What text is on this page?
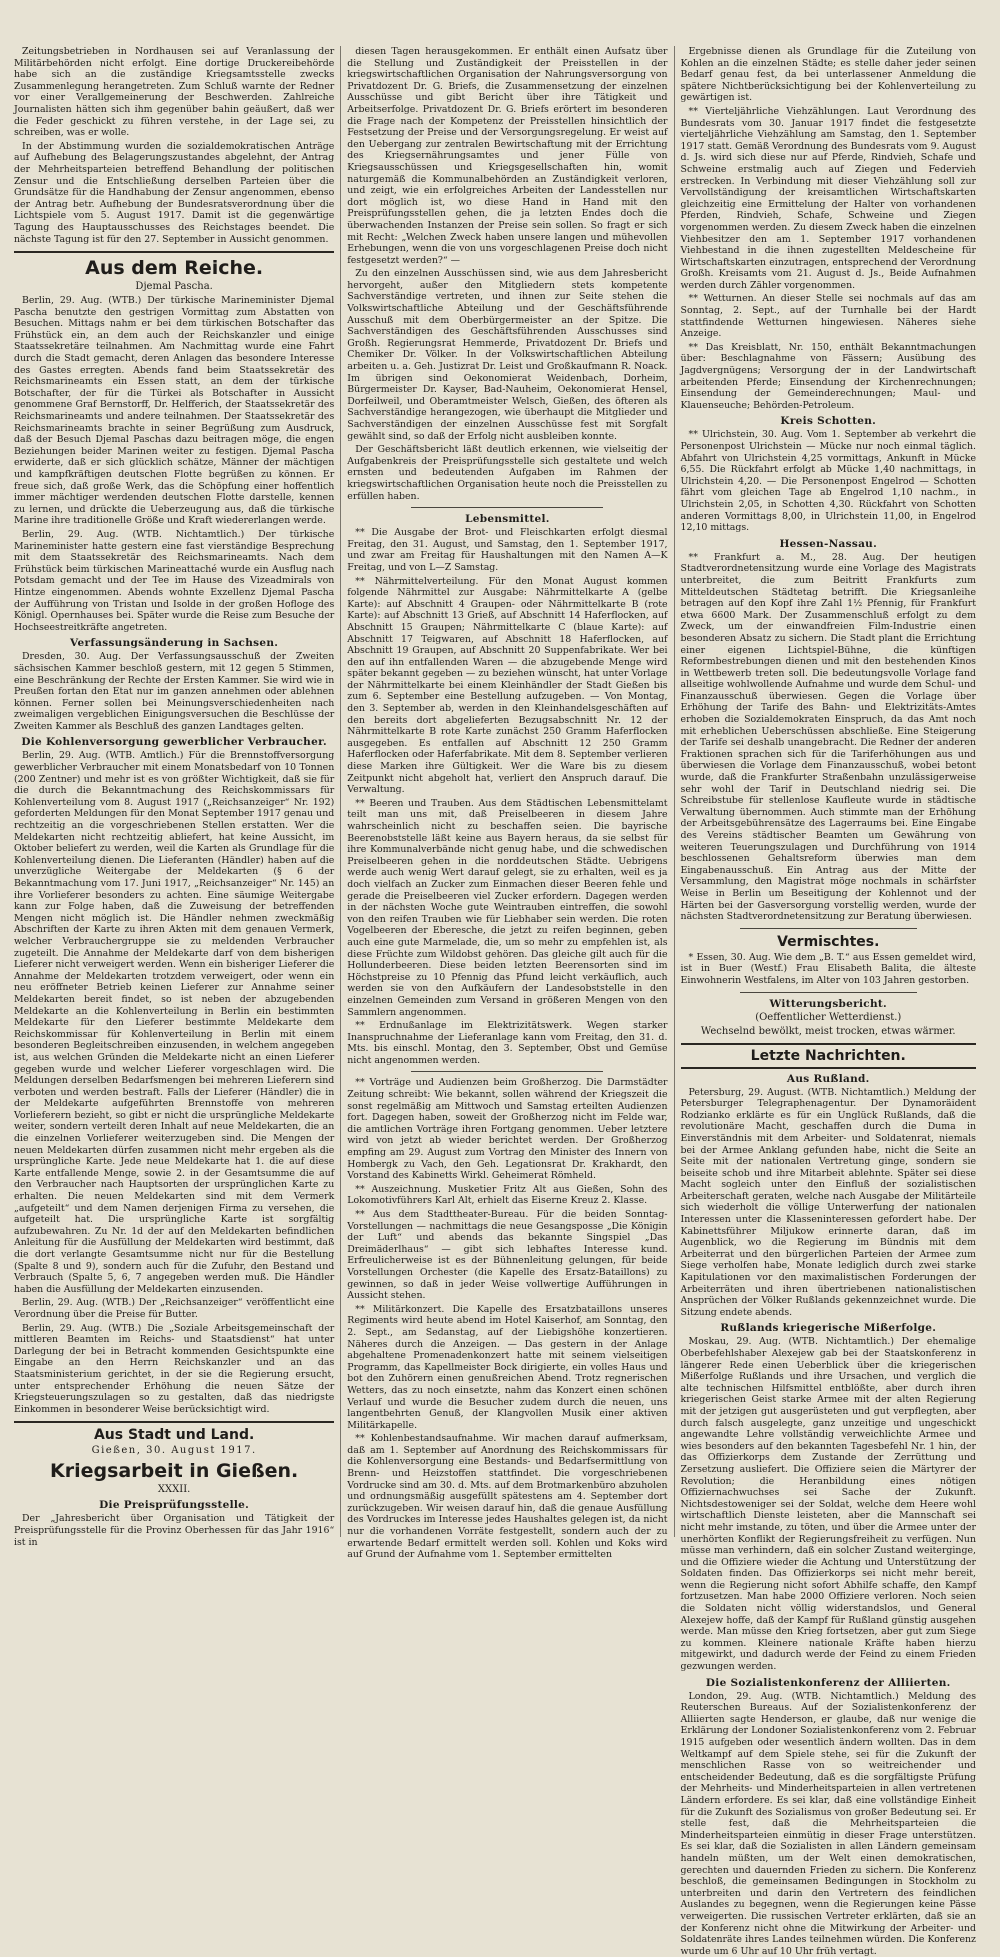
Zeitungsbetrieben in Nordhausen sei auf Veranlassung der Militärbehörden nicht erfolgt. Eine dortige Druckereibehörde habe sich an die zuständige Kriegsamtsstelle zwecks Zusammenlegung herangetreten. Zum Schluß warnte der Redner vor einer Verallgemeinerung der Beschwerden. Zahlreiche Journalisten hätten sich ihm gegenüber bahin geäußert, daß wer die Feder geschickt zu führen verstehe, in der Lage sei, zu schreiben, was er wolle.

In der Abstimmung wurden die sozialdemokratischen Anträge auf Aufhebung des Belagerungszustandes abgelehnt, der Antrag der Mehrheitsparteien betreffend Behandlung der politischen Zensur und die Entschließung derselben Parteien über die Grundsätze für die Handhabung der Zensur angenommen, ebenso der Antrag betr. Aufhebung der Bundesratsverordnung über die Lichtspiele vom 5. August 1917. Damit ist die gegenwärtige Tagung des Hauptausschusses des Reichstages beendet. Die nächste Tagung ist für den 27. September in Aussicht genommen.

Aus dem Reiche.
Djemal Pascha.

Berlin, 29. Aug. (WTB.) Der türkische Marineminister Djemal Pascha benutzte den gestrigen Vormittag zum Abstatten von Besuchen. Mittags nahm er bei dem türkischen Botschafter das Frühstück ein, an dem auch der Reichskanzler und einige Staatssekretäre teilnahmen. Am Nachmittag wurde eine Fahrt durch die Stadt gemacht, deren Anlagen das besondere Interesse des Gastes erregten. Abends fand beim Staatssekretär des Reichsmarineamts ein Essen statt, an dem der türkische Botschafter, der für die Türkei als Botschafter in Aussicht genommene Graf Bernstorff, Dr. Helfferich, der Staatssekretär des Reichsmarineamts und andere teilnahmen. Der Staatssekretär des Reichsmarineamts brachte in seiner Begrüßung zum Ausdruck, daß der Besuch Djemal Paschas dazu beitragen möge, die engen Beziehungen beider Marinen weiter zu festigen. Djemal Pascha erwiderte, daß er sich glücklich schätze, Männer der mächtigen und kampfkräftigen deutschen Flotte begrüßen zu können. Er freue sich, daß große Werk, das die Schöpfung einer hoffentlich immer mächtiger werdenden deutschen Flotte darstelle, kennen zu lernen, und drückte die Ueberzeugung aus, daß die türkische Marine ihre traditionelle Größe und Kraft wiedererlangen werde.

Berlin, 29. Aug. (WTB. Nichtamtlich.) Der türkische Marineminister hatte gestern eine fast vierständige Besprechung mit dem Staatssekretär des Reichsmarineamts. Nach dem Frühstück beim türkischen Marineattaché wurde ein Ausflug nach Potsdam gemacht und der Tee im Hause des Vizeadmirals von Hintze eingenommen. Abends wohnte Exzellenz Djemal Pascha der Aufführung von Tristan und Isolde in der großen Hofloge des Königl. Opernhauses bei. Später wurde die Reise zum Besuche der Hochseestreitkräfte angetreten.

Verfassungsänderung in Sachsen.

Dresden, 30. Aug. Der Verfassungsausschuß der Zweiten sächsischen Kammer beschloß gestern, mit 12 gegen 5 Stimmen, eine Beschränkung der Rechte der Ersten Kammer. Sie wird wie in Preußen fortan den Etat nur im ganzen annehmen oder ablehnen können. Ferner sollen bei Meinungsverschiedenheiten nach zweimaligen vergeblichen Einigungsversuchen die Beschlüsse der Zweiten Kammer als Beschluß des ganzen Landtages gelten.

Die Kohlenversorgung gewerblicher Verbraucher.

Berlin, 29. Aug. (WTB. Amtlich.) Für die Brennstoffversorgung gewerblicher Verbraucher mit einem Monatsbedarf von 10 Tonnen (200 Zentner) und mehr ist es von größter Wichtigkeit, daß sie für die durch die Bekanntmachung des Reichskommissars für Kohlenverteilung vom 8. August 1917 („Reichsanzeiger“ Nr. 192) geforderten Meldungen für den Monat September 1917 genau und rechtzeitig an die vorgeschriebenen Stellen erstatten. Wer die Meldekarten nicht rechtzeitig abliefert, hat keine Aussicht, im Oktober beliefert zu werden, weil die Karten als Grundlage für die Kohlenverteilung dienen. Die Lieferanten (Händler) haben auf die unverzügliche Weitergabe der Meldekarten (§ 6 der Bekanntmachung vom 17. Juni 1917, „Reichsanzeiger“ Nr. 145) an ihre Vorlieferer besonders zu achten. Eine säumige Weitergabe kann zur Folge haben, daß die Zuweisung der betreffenden Mengen nicht möglich ist. Die Händler nehmen zweckmäßig Abschriften der Karte zu ihren Akten mit dem genauen Vermerk, welcher Verbrauchergruppe sie zu meldenden Verbraucher zugeteilt. Die Annahme der Meldekarte darf von dem bisherigen Lieferer nicht verweigert werden. Wenn ein bisheriger Lieferer die Annahme der Meldekarten trotzdem verweigert, oder wenn ein neu eröffneter Betrieb keinen Lieferer zur Annahme seiner Meldekarten bereit findet, so ist neben der abzugebenden Meldekarte an die Kohlenverteilung in Berlin ein bestimmten Meldekarte für den Lieferer bestimmte Meldekarte dem Reichskommissar für Kohlenverteilung in Berlin mit einem besonderen Begleitschreiben einzusenden, in welchem angegeben ist, aus welchen Gründen die Meldekarte nicht an einen Lieferer gegeben wurde und welcher Lieferer vorgeschlagen wird. Die Meldungen derselben Bedarfsmengen bei mehreren Lieferern sind verboten und werden bestraft. Falls der Lieferer (Händler) die in der Meldekarte aufgeführten Brennstoffe von mehreren Vorlieferern bezieht, so gibt er nicht die ursprüngliche Meldekarte weiter, sondern verteilt deren Inhalt auf neue Meldekarten, die an die einzelnen Vorlieferer weiterzugeben sind. Die Mengen der neuen Meldekarten dürfen zusammen nicht mehr ergeben als die ursprüngliche Karte. Jede neue Meldekarte hat 1. die auf diese Karte entfallende Menge, sowie 2. in der Gesamtsumme die auf den Verbraucher nach Hauptsorten der ursprünglichen Karte zu erhalten. Die neuen Meldekarten sind mit dem Vermerk „aufgeteilt“ und dem Namen derjenigen Firma zu versehen, die aufgeteilt hat. Die ursprüngliche Karte ist sorgfältig aufzubewahren. Zu Nr. 1d der auf den Meldekarten befindlichen Anleitung für die Ausfüllung der Meldekarten wird bestimmt, daß die dort verlangte Gesamtsumme nicht nur für die Bestellung (Spalte 8 und 9), sondern auch für die Zufuhr, den Bestand und Verbrauch (Spalte 5, 6, 7 angegeben werden muß. Die Händler haben die Ausfüllung der Meldekarten einzusenden.

Berlin, 29. Aug. (WTB.) Der „Reichsanzeiger“ veröffentlicht eine Verordnung über die Preise für Butter.

Berlin, 29. Aug. (WTB.) Die „Soziale Arbeitsgemeinschaft der mittleren Beamten im Reichs- und Staatsdienst“ hat unter Darlegung der bei in Betracht kommenden Gesichtspunkte eine Eingabe an den Herrn Reichskanzler und an das Staatsministerium gerichtet, in der sie die Regierung ersucht, unter entsprechender Erhöhung die neuen Sätze der Kriegsteuerungszulagen so zu gestalten, daß das niedrigste Einkommen in besonderer Weise berücksichtigt wird.

Aus Stadt und Land.
Gießen, 30. August 1917.
Kriegsarbeit in Gießen.
XXXII.
Die Preisprüfungsstelle.

Der „Jahresbericht über Organisation und Tätigkeit der Preisprüfungsstelle für die Provinz Oberhessen für das Jahr 1916“ ist in

diesen Tagen herausgekommen. Er enthält einen Aufsatz über die Stellung und Zuständigkeit der Preisstellen in der kriegswirtschaftlichen Organisation der Nahrungsversorgung von Privatdozent Dr. G. Briefs, die Zusammensetzung der einzelnen Ausschüsse und gibt Bericht über ihre Tätigkeit und Arbeitserfolge. Privatdozent Dr. G. Briefs erörtert im besonderen die Frage nach der Kompetenz der Preisstellen hinsichtlich der Festsetzung der Preise und der Versorgungsregelung. Er weist auf den Uebergang zur zentralen Bewirtschaftung mit der Errichtung des Kriegsernährungsamtes und jener Fülle von Kriegsausschüssen und Kriegsgesellschaften hin, womit naturgemäß die Kommunalbehörden an Zuständigkeit verloren, und zeigt, wie ein erfolgreiches Arbeiten der Landesstellen nur dort möglich ist, wo diese Hand in Hand mit den Preisprüfungsstellen gehen, die ja letzten Endes doch die überwachenden Instanzen der Preise sein sollen. So fragt er sich mit Recht: „Welchen Zweck haben unsere langen und mühevollen Erhebungen, wenn die von uns vorgeschlagenen Preise doch nicht festgesetzt werden?“ —

Zu den einzelnen Ausschüssen sind, wie aus dem Jahresbericht hervorgeht, außer den Mitgliedern stets kompetente Sachverständige vertreten, und ihnen zur Seite stehen die Volkswirtschaftliche Abteilung und der Geschäftsführende Ausschuß mit dem Oberbürgermeister an der Spitze. Die Sachverständigen des Geschäftsführenden Ausschusses sind Großh. Regierungsrat Hemmerde, Privatdozent Dr. Briefs und Chemiker Dr. Völker. In der Volkswirtschaftlichen Abteilung arbeiten u. a. Geh. Justizrat Dr. Leist und Großkaufmann R. Noack. Im übrigen sind Oekonomierat Weidenbach, Dorheim, Bürgermeister Dr. Kayser, Bad-Nauheim, Oekonomierat Hensel, Dorfeilweil, und Oberamtmeister Welsch, Gießen, des öfteren als Sachverständige herangezogen, wie überhaupt die Mitglieder und Sachverständigen der einzelnen Ausschüsse fest mit Sorgfalt gewählt sind, so daß der Erfolg nicht ausbleiben konnte.

Der Geschäftsbericht läßt deutlich erkennen, wie vielseitig der Aufgabenkreis der Preisprüfungsstelle sich gestaltete und welch ernsten und bedeutenden Aufgaben im Rahmen der kriegswirtschaftlichen Organisation heute noch die Preisstellen zu erfüllen haben.

Lebensmittel.

** Die Ausgabe der Brot- und Fleischkarten erfolgt diesmal Freitag, den 31. August, und Samstag, den 1. September 1917, und zwar am Freitag für Haushaltungen mit den Namen A—K Freitag, und von L—Z Samstag.

** Nährmittelverteilung. Für den Monat August kommen folgende Nährmittel zur Ausgabe: Nährmittelkarte A (gelbe Karte): auf Abschnitt 4 Graupen- oder Nährmittelkarte B (rote Karte): auf Abschnitt 13 Grieß, auf Abschnitt 14 Haferflocken, auf Abschnitt 15 Graupen; Nährmittelkarte C (blaue Karte): auf Abschnitt 17 Teigwaren, auf Abschnitt 18 Haferflocken, auf Abschnitt 19 Graupen, auf Abschnitt 20 Suppenfabrikate. Wer bei den auf ihn entfallenden Waren — die abzugebende Menge wird später bekannt gegeben — zu beziehen wünscht, hat unter Vorlage der Nährmittelkarte bei einem Kleinhändler der Stadt Gießen bis zum 6. September eine Bestellung aufzugeben. — Von Montag, den 3. September ab, werden in den Kleinhandelsgeschäften auf den bereits dort abgelieferten Bezugsabschnitt Nr. 12 der Nährmittelkarte B rote Karte zunächst 250 Gramm Haferflocken ausgegeben. Es entfallen auf Abschnitt 12 250 Gramm Haferflocken oder Haferfabrikate. Mit dem 8. September verlieren diese Marken ihre Gültigkeit. Wer die Ware bis zu diesem Zeitpunkt nicht abgeholt hat, verliert den Anspruch darauf. Die Verwaltung.

** Beeren und Trauben. Aus dem Städtischen Lebensmittelamt teilt man uns mit, daß Preiselbeeren in diesem Jahre wahrscheinlich nicht zu beschaffen seien. Die bayrische Beerenobststelle läßt keine aus Bayern heraus, da sie selbst für ihre Kommunalverbände nicht genug habe, und die schwedischen Preiselbeeren gehen in die norddeutschen Städte. Uebrigens werde auch wenig Wert darauf gelegt, sie zu erhalten, weil es ja doch vielfach an Zucker zum Einmachen dieser Beeren fehle und gerade die Preiselbeeren viel Zucker erfordern. Dagegen werden in der nächsten Woche gute Weintrauben eintreffen, die sowohl von den reifen Trauben wie für Liebhaber sein werden. Die roten Vogelbeeren der Eberesche, die jetzt zu reifen beginnen, geben auch eine gute Marmelade, die, um so mehr zu empfehlen ist, als diese Früchte zum Wildobst gehören. Das gleiche gilt auch für die Hollunderbeeren. Diese beiden letzten Beerensorten sind im Höchstpreise zu 10 Pfennig das Pfund leicht verkäuflich, auch werden sie von den Aufkäufern der Landesobststelle in den einzelnen Gemeinden zum Versand in größeren Mengen von den Sammlern angenommen.

** Erdnußanlage im Elektrizitätswerk. Wegen starker Inanspruchnahme der Lieferanlage kann vom Freitag, den 31. d. Mts. bis einschl. Montag, den 3. September, Obst und Gemüse nicht angenommen werden.

** Vorträge und Audienzen beim Großherzog. Die Darmstädter Zeitung schreibt: Wie bekannt, sollen während der Kriegszeit die sonst regelmäßig am Mittwoch und Samstag erteilten Audienzen fort. Dagegen haben, soweit der Großherzog nicht im Felde war, die amtlichen Vorträge ihren Fortgang genommen. Ueber letztere wird von jetzt ab wieder berichtet werden. Der Großherzog empfing am 29. August zum Vortrag den Minister des Innern von Hombergk zu Vach, den Geh. Legationsrat Dr. Krakhardt, den Vorstand des Kabinetts Wirkl. Geheimerat Römheld.

** Auszeichnung. Musketier Fritz Alt aus Gießen, Sohn des Lokomotivführers Karl Alt, erhielt das Eiserne Kreuz 2. Klasse.

** Aus dem Stadttheater-Bureau. Für die beiden Sonntag-Vorstellungen — nachmittags die neue Gesangsposse „Die Königin der Luft“ und abends das bekannte Singspiel „Das Dreimäderlhaus“ — gibt sich lebhaftes Interesse kund. Erfreulicherweise ist es der Bühnenleitung gelungen, für beide Vorstellungen Orchester (die Kapelle des Ersatz-Bataillons) zu gewinnen, so daß in jeder Weise vollwertige Aufführungen in Aussicht stehen.

** Militärkonzert. Die Kapelle des Ersatzbataillons unseres Regiments wird heute abend im Hotel Kaiserhof, am Sonntag, den 2. Sept., am Sedanstag, auf der Liebigshöhe konzertieren. Näheres durch die Anzeigen. — Das gestern in der Anlage abgehaltene Promenadenkonzert hatte mit seinem vielseitigen Programm, das Kapellmeister Bock dirigierte, ein volles Haus und bot den Zuhörern einen genußreichen Abend. Trotz regnerischen Wetters, das zu noch einsetzte, nahm das Konzert einen schönen Verlauf und wurde die Besucher zudem durch die neuen, uns langentbehrten Genuß, der Klangvollen Musik einer aktiven Militärkapelle.

** Kohlenbestandsaufnahme. Wir machen darauf aufmerksam, daß am 1. September auf Anordnung des Reichskommissars für die Kohlenversorgung eine Bestands- und Bedarfsermittlung von Brenn- und Heizstoffen stattfindet. Die vorgeschriebenen Vordrucke sind am 30. d. Mts. auf dem Brotmarkenbüro abzuholen und ordnungsmäßig ausgefüllt spätestens am 4. September dort zurückzugeben. Wir weisen darauf hin, daß die genaue Ausfüllung des Vordruckes im Interesse jedes Haushaltes gelegen ist, da nicht nur die vorhandenen Vorräte festgestellt, sondern auch der zu erwartende Bedarf ermittelt werden soll. Kohlen und Koks wird auf Grund der Aufnahme vom 1. September ermittelten

Ergebnisse dienen als Grundlage für die Zuteilung von Kohlen an die einzelnen Städte; es stelle daher jeder seinen Bedarf genau fest, da bei unterlassener Anmeldung die spätere Nichtberücksichtigung bei der Kohlenverteilung zu gewärtigen ist.

** Vierteljährliche Viehzählungen. Laut Verordnung des Bundesrats vom 30. Januar 1917 findet die festgesetzte vierteljährliche Viehzählung am Samstag, den 1. September 1917 statt. Gemäß Verordnung des Bundesrats vom 9. August d. Js. wird sich diese nur auf Pferde, Rindvieh, Schafe und Schweine erstmalig auch auf Ziegen und Federvieh erstrecken. In Verbindung mit dieser Viehzählung soll zur Vervollständigung der kreisamtlichen Wirtschaftskarten gleichzeitig eine Ermittelung der Halter von vorhandenen Pferden, Rindvieh, Schafe, Schweine und Ziegen vorgenommen werden. Zu diesem Zweck haben die einzelnen Viehbesitzer den am 1. September 1917 vorhandenen Viehbestand in die ihnen zugestellten Meldescheine für Wirtschaftskarten einzutragen, entsprechend der Verordnung Großh. Kreisamts vom 21. August d. Js., Beide Aufnahmen werden durch Zähler vorgenommen.

** Wetturnen. An dieser Stelle sei nochmals auf das am Sonntag, 2. Sept., auf der Turnhalle bei der Hardt stattfindende Wetturnen hingewiesen. Näheres siehe Anzeige.

** Das Kreisblatt, Nr. 150, enthält Bekanntmachungen über: Beschlagnahme von Fässern; Ausübung des Jagdvergnügens; Versorgung der in der Landwirtschaft arbeitenden Pferde; Einsendung der Kirchenrechnungen; Einsendung der Gemeinderechnungen; Maul- und Klauenseuche; Behörden-Petroleum.

Kreis Schotten.

** Ulrichstein, 30. Aug. Vom 1. September ab verkehrt die Personenpost Ulrichstein — Mücke nur noch einmal täglich. Abfahrt von Ulrichstein 4,25 vormittags, Ankunft in Mücke 6,55. Die Rückfahrt erfolgt ab Mücke 1,40 nachmittags, in Ulrichstein 4,20. — Die Personenpost Engelrod — Schotten fährt vom gleichen Tage ab Engelrod 1,10 nachm., in Ulrichstein 2,05, in Schotten 4,30. Rückfahrt von Schotten anderen Vormittags 8,00, in Ulrichstein 11,00, in Engelrod 12,10 mittags.

Hessen-Nassau.

** Frankfurt a. M., 28. Aug. Der heutigen Stadtverordnetensitzung wurde eine Vorlage des Magistrats unterbreitet, die zum Beitritt Frankfurts zum Mitteldeutschen Städtetag betrifft. Die Kriegsanleihe betragen auf den Kopf ihre Zahl 1½ Pfennig, für Frankfurt etwa 6600 Mark. Der Zusammenschluß erfolgt zu dem Zweck, um der einwandfreien Film-Industrie einen besonderen Absatz zu sichern. Die Stadt plant die Errichtung einer eigenen Lichtspiel-Bühne, die künftigen Reformbestrebungen dienen und mit den bestehenden Kinos in Wettbewerb treten soll. Die bedeutungsvolle Vorlage fand allseitige wohlwollende Aufnahme und wurde dem Schul- und Finanzausschuß überwiesen. Gegen die Vorlage über Erhöhung der Tarife des Bahn- und Elektrizitäts-Amtes erhoben die Sozialdemokraten Einspruch, da das Amt noch mit erheblichen Ueberschüssen abschließe. Eine Steigerung der Tarife sei deshalb unangebracht. Die Redner der anderen Fraktionen sprachen sich für die Tariferhöhungen aus und überwiesen die Vorlage dem Finanzausschuß, wobei betont wurde, daß die Frankfurter Straßenbahn unzulässigerweise sehr wohl der Tarif in Deutschland niedrig sei. Die Schreibstube für stellenlose Kaufleute wurde in städtische Verwaltung übernommen. Auch stimmte man der Erhöhung der Arbeitsgebührensätze des Lagerraums bei. Eine Eingabe des Vereins städtischer Beamten um Gewährung von weiteren Teuerungszulagen und Durchführung von 1914 beschlossenen Gehaltsreform überwies man dem Eingabenausschuß. Ein Antrag aus der Mitte der Versammlung, den Magistrat möge nochmals in schärfster Weise in Berlin um Beseitigung der Kohlennot und der Härten bei der Gasversorgung vorstellig werden, wurde der nächsten Stadtverordnetensitzung zur Beratung überwiesen.

Vermischtes.

* Essen, 30. Aug. Wie dem „B. T.“ aus Essen gemeldet wird, ist in Buer (Westf.) Frau Elisabeth Balita, die älteste Einwohnerin Westfalens, im Alter von 103 Jahren gestorben.

Witterungsbericht.
(Oeffentlicher Wetterdienst.)
Wechselnd bewölkt, meist trocken, etwas wärmer.
Letzte Nachrichten.
Aus Rußland.

Petersburg, 29. August. (WTB. Nichtamtlich.) Meldung der Petersburger Telegraphenagentur. Der Dynamoräident Rodzianko erklärte es für ein Unglück Rußlands, daß die revolutionäre Macht, geschaffen durch die Duma in Einverständnis mit dem Arbeiter- und Soldatenrat, niemals bei der Armee Anklang gefunden habe, nicht die Seite an Seite mit der nationalen Vertretung ginge, sondern sie beiseite schob und ihre Mitarbeit ablehnte. Später sei diese Macht sogleich unter den Einfluß der sozialistischen Arbeiterschaft geraten, welche nach Ausgabe der Militärteile sich wiederholt die völlige Unterwerfung der nationalen Interessen unter die Klasseninteressen gefordert habe. Der Kabinettsführer Miljukow erinnerte daran, daß im Augenblick, wo die Regierung im Bündnis mit dem Arbeiterrat und den bürgerlichen Parteien der Armee zum Siege verholfen habe, Monate lediglich durch zwei starke Kapitulationen vor den maximalistischen Forderungen der Arbeiterräten und ihren übertriebenen nationalistischen Ansprüchen der Völker Rußlands gekennzeichnet wurde. Die Sitzung endete abends.

Rußlands kriegerische Mißerfolge.

Moskau, 29. Aug. (WTB. Nichtamtlich.) Der ehemalige Oberbefehlshaber Alexejew gab bei der Staatskonferenz in längerer Rede einen Ueberblick über die kriegerischen Mißerfolge Rußlands und ihre Ursachen, und verglich die alte technischen Hilfsmittel entblößte, aber durch ihren kriegerischen Geist starke Armee mit der alten Regierung mit der jetzigen gut ausgerüsteten und gut verpflegten, aber durch falsch ausgelegte, ganz unzeitige und ungeschickt angewandte Lehre vollständig verweichlichte Armee und wies besonders auf den bekannten Tagesbefehl Nr. 1 hin, der das Offizierkorps dem Zustande der Zerrüttung und Zersetzung ausliefert. Die Offiziere seien die Märtyrer der Revolution; die Heranbildung eines nötigen Offiziernachwuchses sei Sache der Zukunft. Nichtsdestoweniger sei der Soldat, welche dem Heere wohl wirtschaftlich Dienste leisteten, aber die Mannschaft sei nicht mehr imstande, zu töten, und über die Armee unter der unerhörten Konflikt der Regierungsfreiheit zu verfügen. Nun müsse man verhindern, daß ein solcher Zustand weiterginge, und die Offiziere wieder die Achtung und Unterstützung der Soldaten finden. Das Offizierkorps sei nicht mehr bereit, wenn die Regierung nicht sofort Abhilfe schaffe, den Kampf fortzusetzen. Man habe 2000 Offiziere verloren. Noch seien die Soldaten nicht völlig widerstandslos, und General Alexejew hoffe, daß der Kampf für Rußland günstig ausgehen werde. Man müsse den Krieg fortsetzen, aber gut zum Siege zu kommen. Kleinere nationale Kräfte haben hierzu mitgewirkt, und dadurch werde der Feind zu einem Frieden gezwungen werden.

Die Sozialistenkonferenz der Alliierten.

London, 29. Aug. (WTB. Nichtamtlich.) Meldung des Reuterschen Bureaus. Auf der Sozialistenkonferenz der Alliierten sagte Henderson, er glaube, daß nur wenige die Erklärung der Londoner Sozialistenkonferenz vom 2. Februar 1915 aufgeben oder wesentlich ändern wollten. Das in dem Weltkampf auf dem Spiele stehe, sei für die Zukunft der menschlichen Rasse von so weitreichender und entscheidender Bedeutung, daß es die sorgfältigste Prüfung der Mehrheits- und Minderheitsparteien in allen vertretenen Ländern erfordere. Es sei klar, daß eine vollständige Einheit für die Zukunft des Sozialismus von großer Bedeutung sei. Er stelle fest, daß die Mehrheitsparteien die Minderheitsparteien einmütig in dieser Frage unterstützen. Es sei klar, daß die Sozialisten in allen Ländern gemeinsam handeln müßten, um der Welt einen demokratischen, gerechten und dauernden Frieden zu sichern. Die Konferenz beschloß, die gemeinsamen Bedingungen in Stockholm zu unterbreiten und darin den Vertretern des feindlichen Auslandes zu begegnen, wenn die Regierungen keine Pässe verweigerten. Die russischen Vertreter erklärten, daß sie an der Konferenz nicht ohne die Mitwirkung der Arbeiter- und Soldatenräte ihres Landes teilnehmen würden. Die Konferenz wurde um 6 Uhr auf 10 Uhr früh vertagt.
